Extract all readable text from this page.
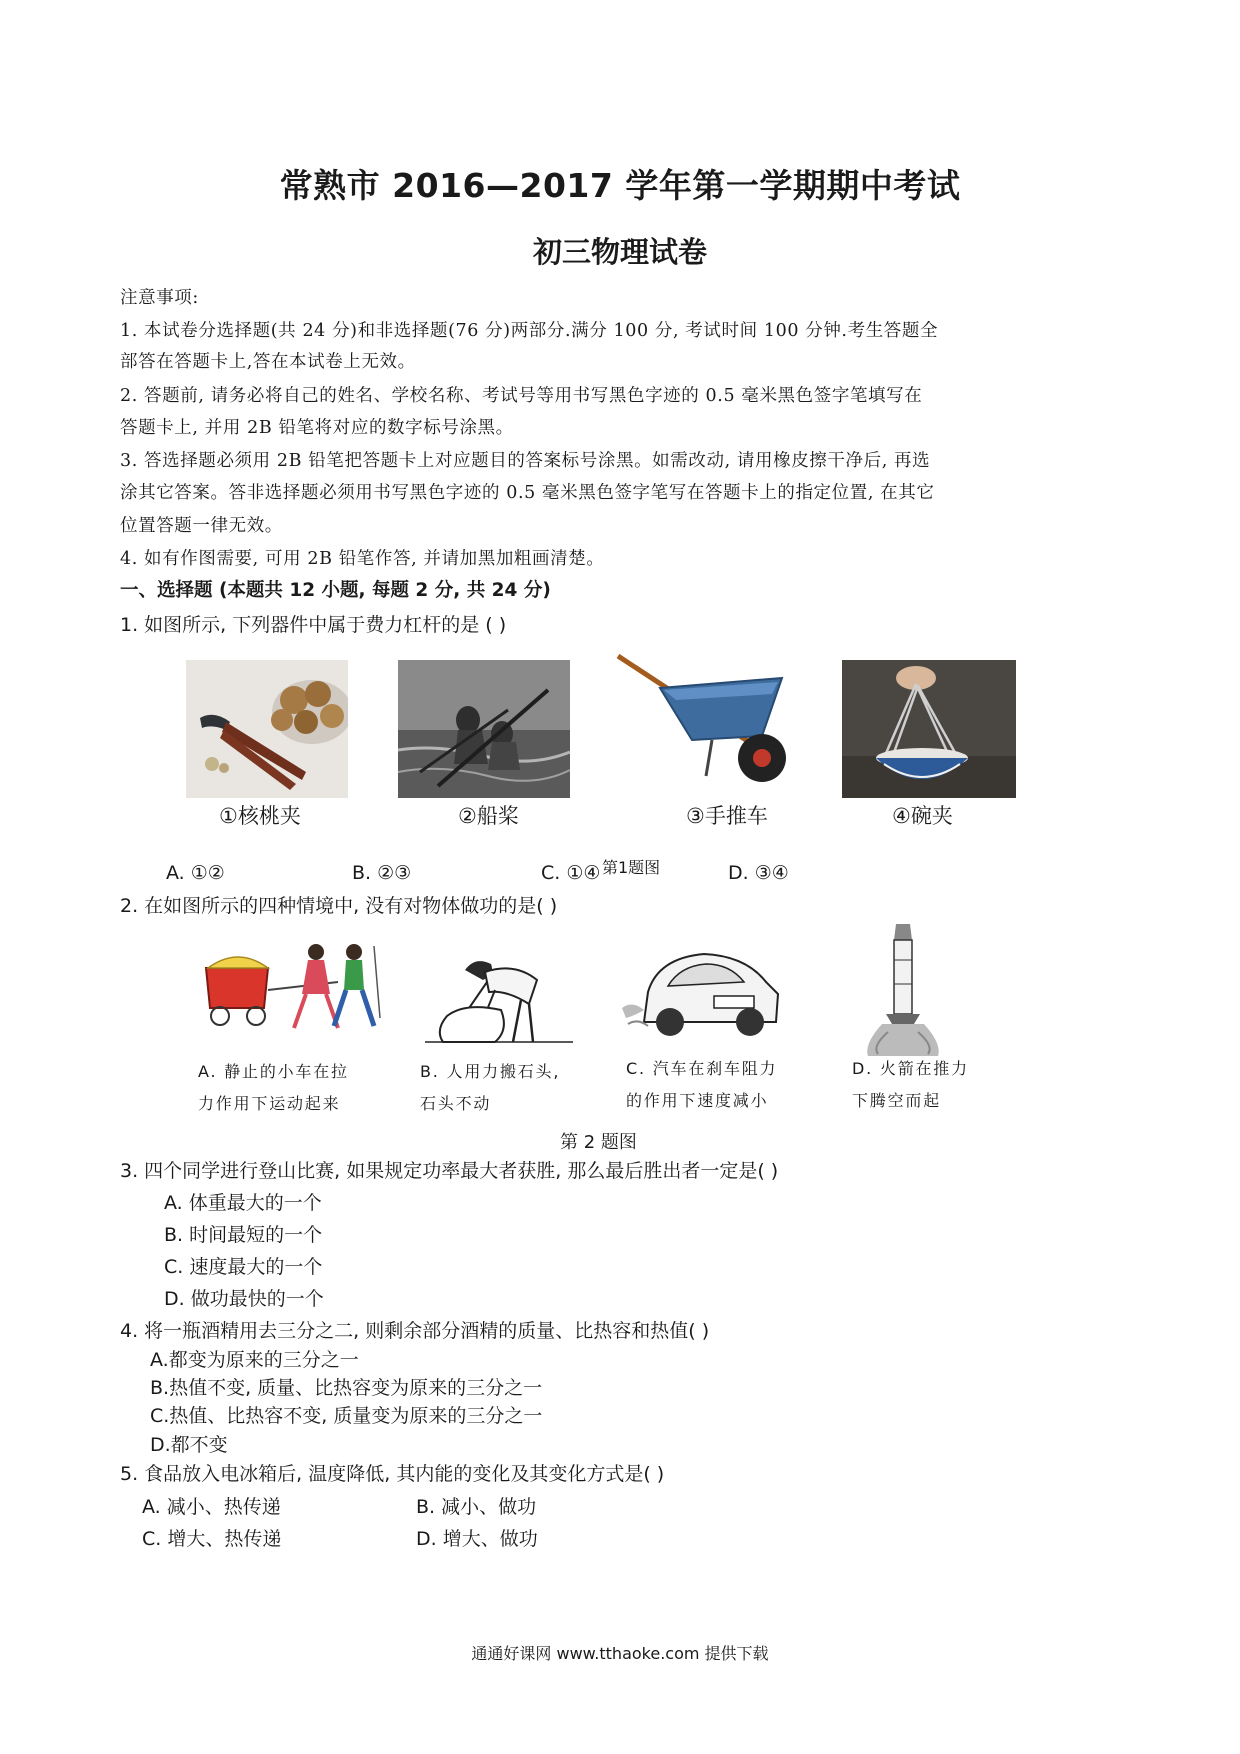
常熟市 2016—2017 学年第一学期期中考试
初三物理试卷
注意事项:
1. 本试卷分选择题(共 24 分)和非选择题(76 分)两部分.满分 100 分, 考试时间 100 分钟.考生答题全
部答在答题卡上,答在本试卷上无效。
2. 答题前, 请务必将自己的姓名、学校名称、考试号等用书写黑色字迹的 0.5 毫米黑色签字笔填写在
答题卡上, 并用 2B 铅笔将对应的数字标号涂黑。
3. 答选择题必须用 2B 铅笔把答题卡上对应题目的答案标号涂黑。如需改动, 请用橡皮擦干净后, 再选
涂其它答案。答非选择题必须用书写黑色字迹的 0.5 毫米黑色签字笔写在答题卡上的指定位置, 在其它
位置答题一律无效。
4. 如有作图需要, 可用 2B 铅笔作答, 并请加黑加粗画清楚。
一、选择题 (本题共 12 小题, 每题 2 分, 共 24 分)
1. 如图所示, 下列器件中属于费力杠杆的是 ( )
①核桃夹	②船桨	③手推车	④碗夹
A. ①②	B. ②③	C. ①④ 第1题图	D. ③④
2. 在如图所示的四种情境中, 没有对物体做功的是( )
A. 静止的小车在拉
力作用下运动起来
B. 人用力搬石头,
石头不动
C. 汽车在刹车阻力
的作用下速度减小
D. 火箭在推力
下腾空而起
第 2 题图
3. 四个同学进行登山比赛, 如果规定功率最大者获胜, 那么最后胜出者一定是( )
A. 体重最大的一个
B. 时间最短的一个
C. 速度最大的一个
D. 做功最快的一个
4. 将一瓶酒精用去三分之二, 则剩余部分酒精的质量、比热容和热值( )
A.都变为原来的三分之一
B.热值不变, 质量、比热容变为原来的三分之一
C.热值、比热容不变, 质量变为原来的三分之一
D.都不变
5. 食品放入电冰箱后, 温度降低, 其内能的变化及其变化方式是( )
A. 减小、热传递	B. 减小、做功
C. 增大、热传递	D. 增大、做功
通通好课网 www.tthaoke.com 提供下载
